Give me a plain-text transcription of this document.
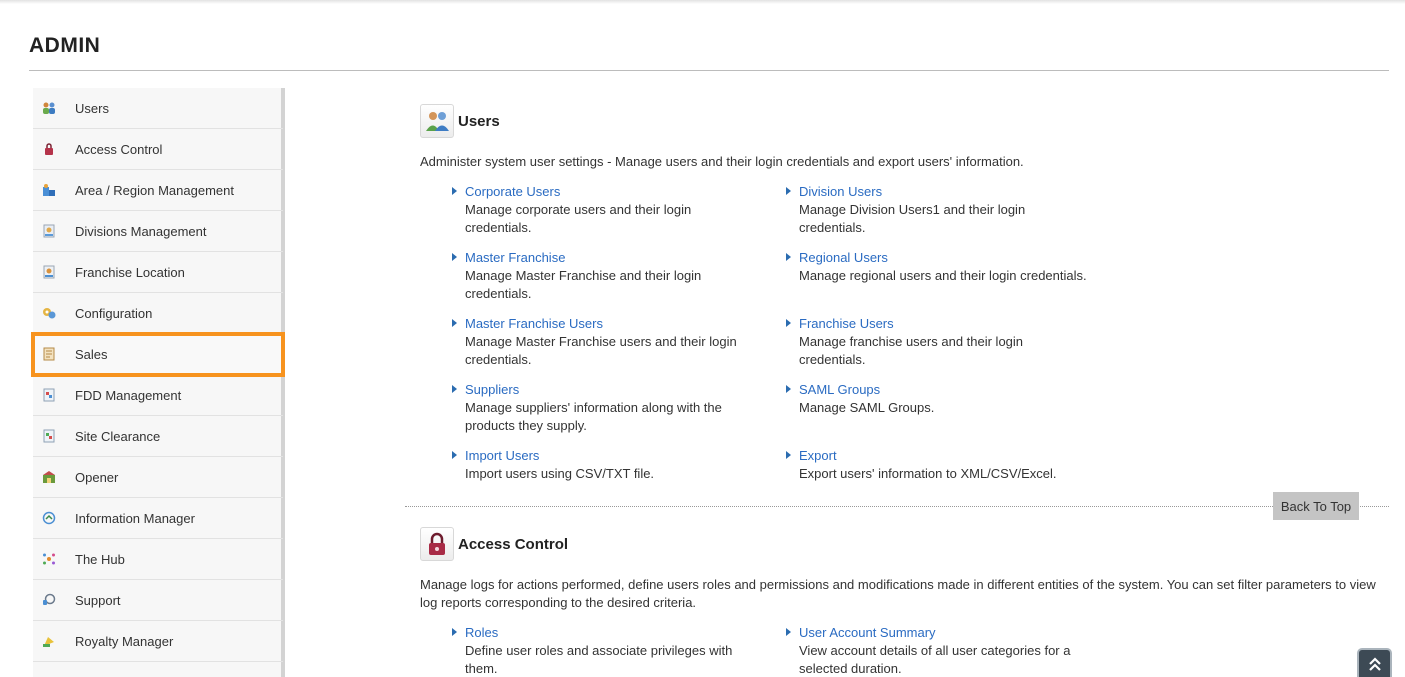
ADMIN
Users
Access Control
Area / Region Management
Divisions Management
Franchise Location
Configuration
Sales
FDD Management
Site Clearance
Opener
Information Manager
The Hub
Support
Royalty Manager
Users
Administer system user settings - Manage users and their login credentials and export users' information.
Corporate Users
Manage corporate users and their login credentials.
Division Users
Manage Division Users1 and their login credentials.
Master Franchise
Manage Master Franchise and their login credentials.
Regional Users
Manage regional users and their login credentials.
Master Franchise Users
Manage Master Franchise users and their login credentials.
Franchise Users
Manage franchise users and their login credentials.
Suppliers
Manage suppliers' information along with the products they supply.
SAML Groups
Manage SAML Groups.
Import Users
Import users using CSV/TXT file.
Export
Export users' information to XML/CSV/Excel.
Back To Top
Access Control
Manage logs for actions performed, define users roles and permissions and modifications made in different entities of the system. You can set filter parameters to view log reports corresponding to the desired criteria.
Roles
Define user roles and associate privileges with them.
User Account Summary
View account details of all user categories for a selected duration.
